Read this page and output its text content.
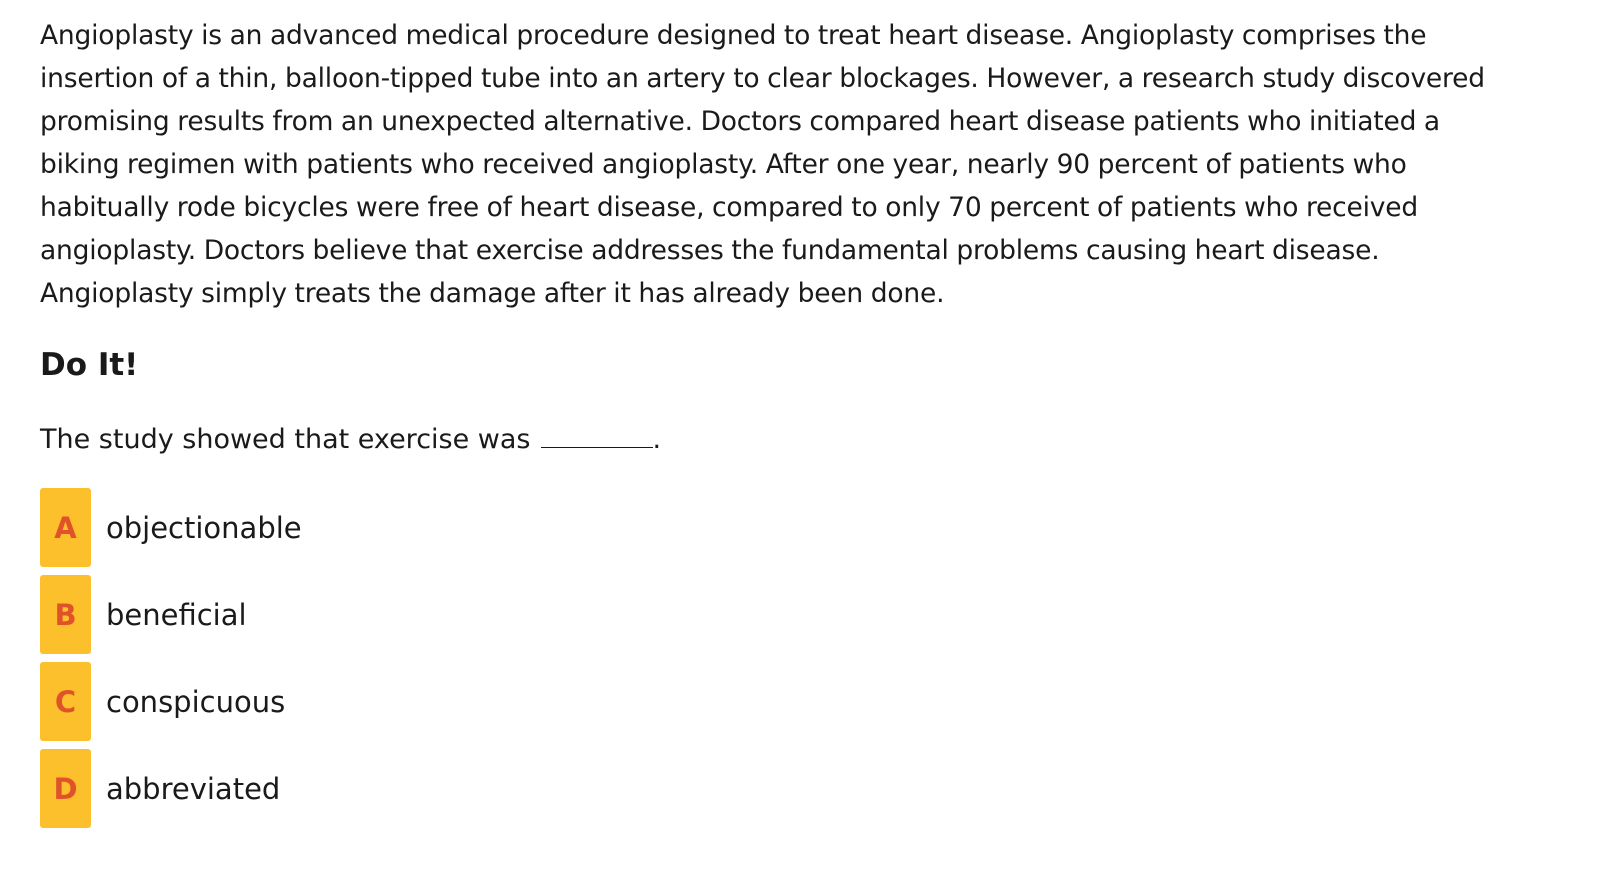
Angioplasty is an advanced medical procedure designed to treat heart disease. Angioplasty comprises the
insertion of a thin, balloon-tipped tube into an artery to clear blockages. However, a research study discovered
promising results from an unexpected alternative. Doctors compared heart disease patients who initiated a
biking regimen with patients who received angioplasty. After one year, nearly 90 percent of patients who
habitually rode bicycles were free of heart disease, compared to only 70 percent of patients who received
angioplasty. Doctors believe that exercise addresses the fundamental problems causing heart disease.
Angioplasty simply treats the damage after it has already been done.

Do It!

The study showed that exercise was	.

A	objectionable
B	beneficial
C	conspicuous
D abbreviated
